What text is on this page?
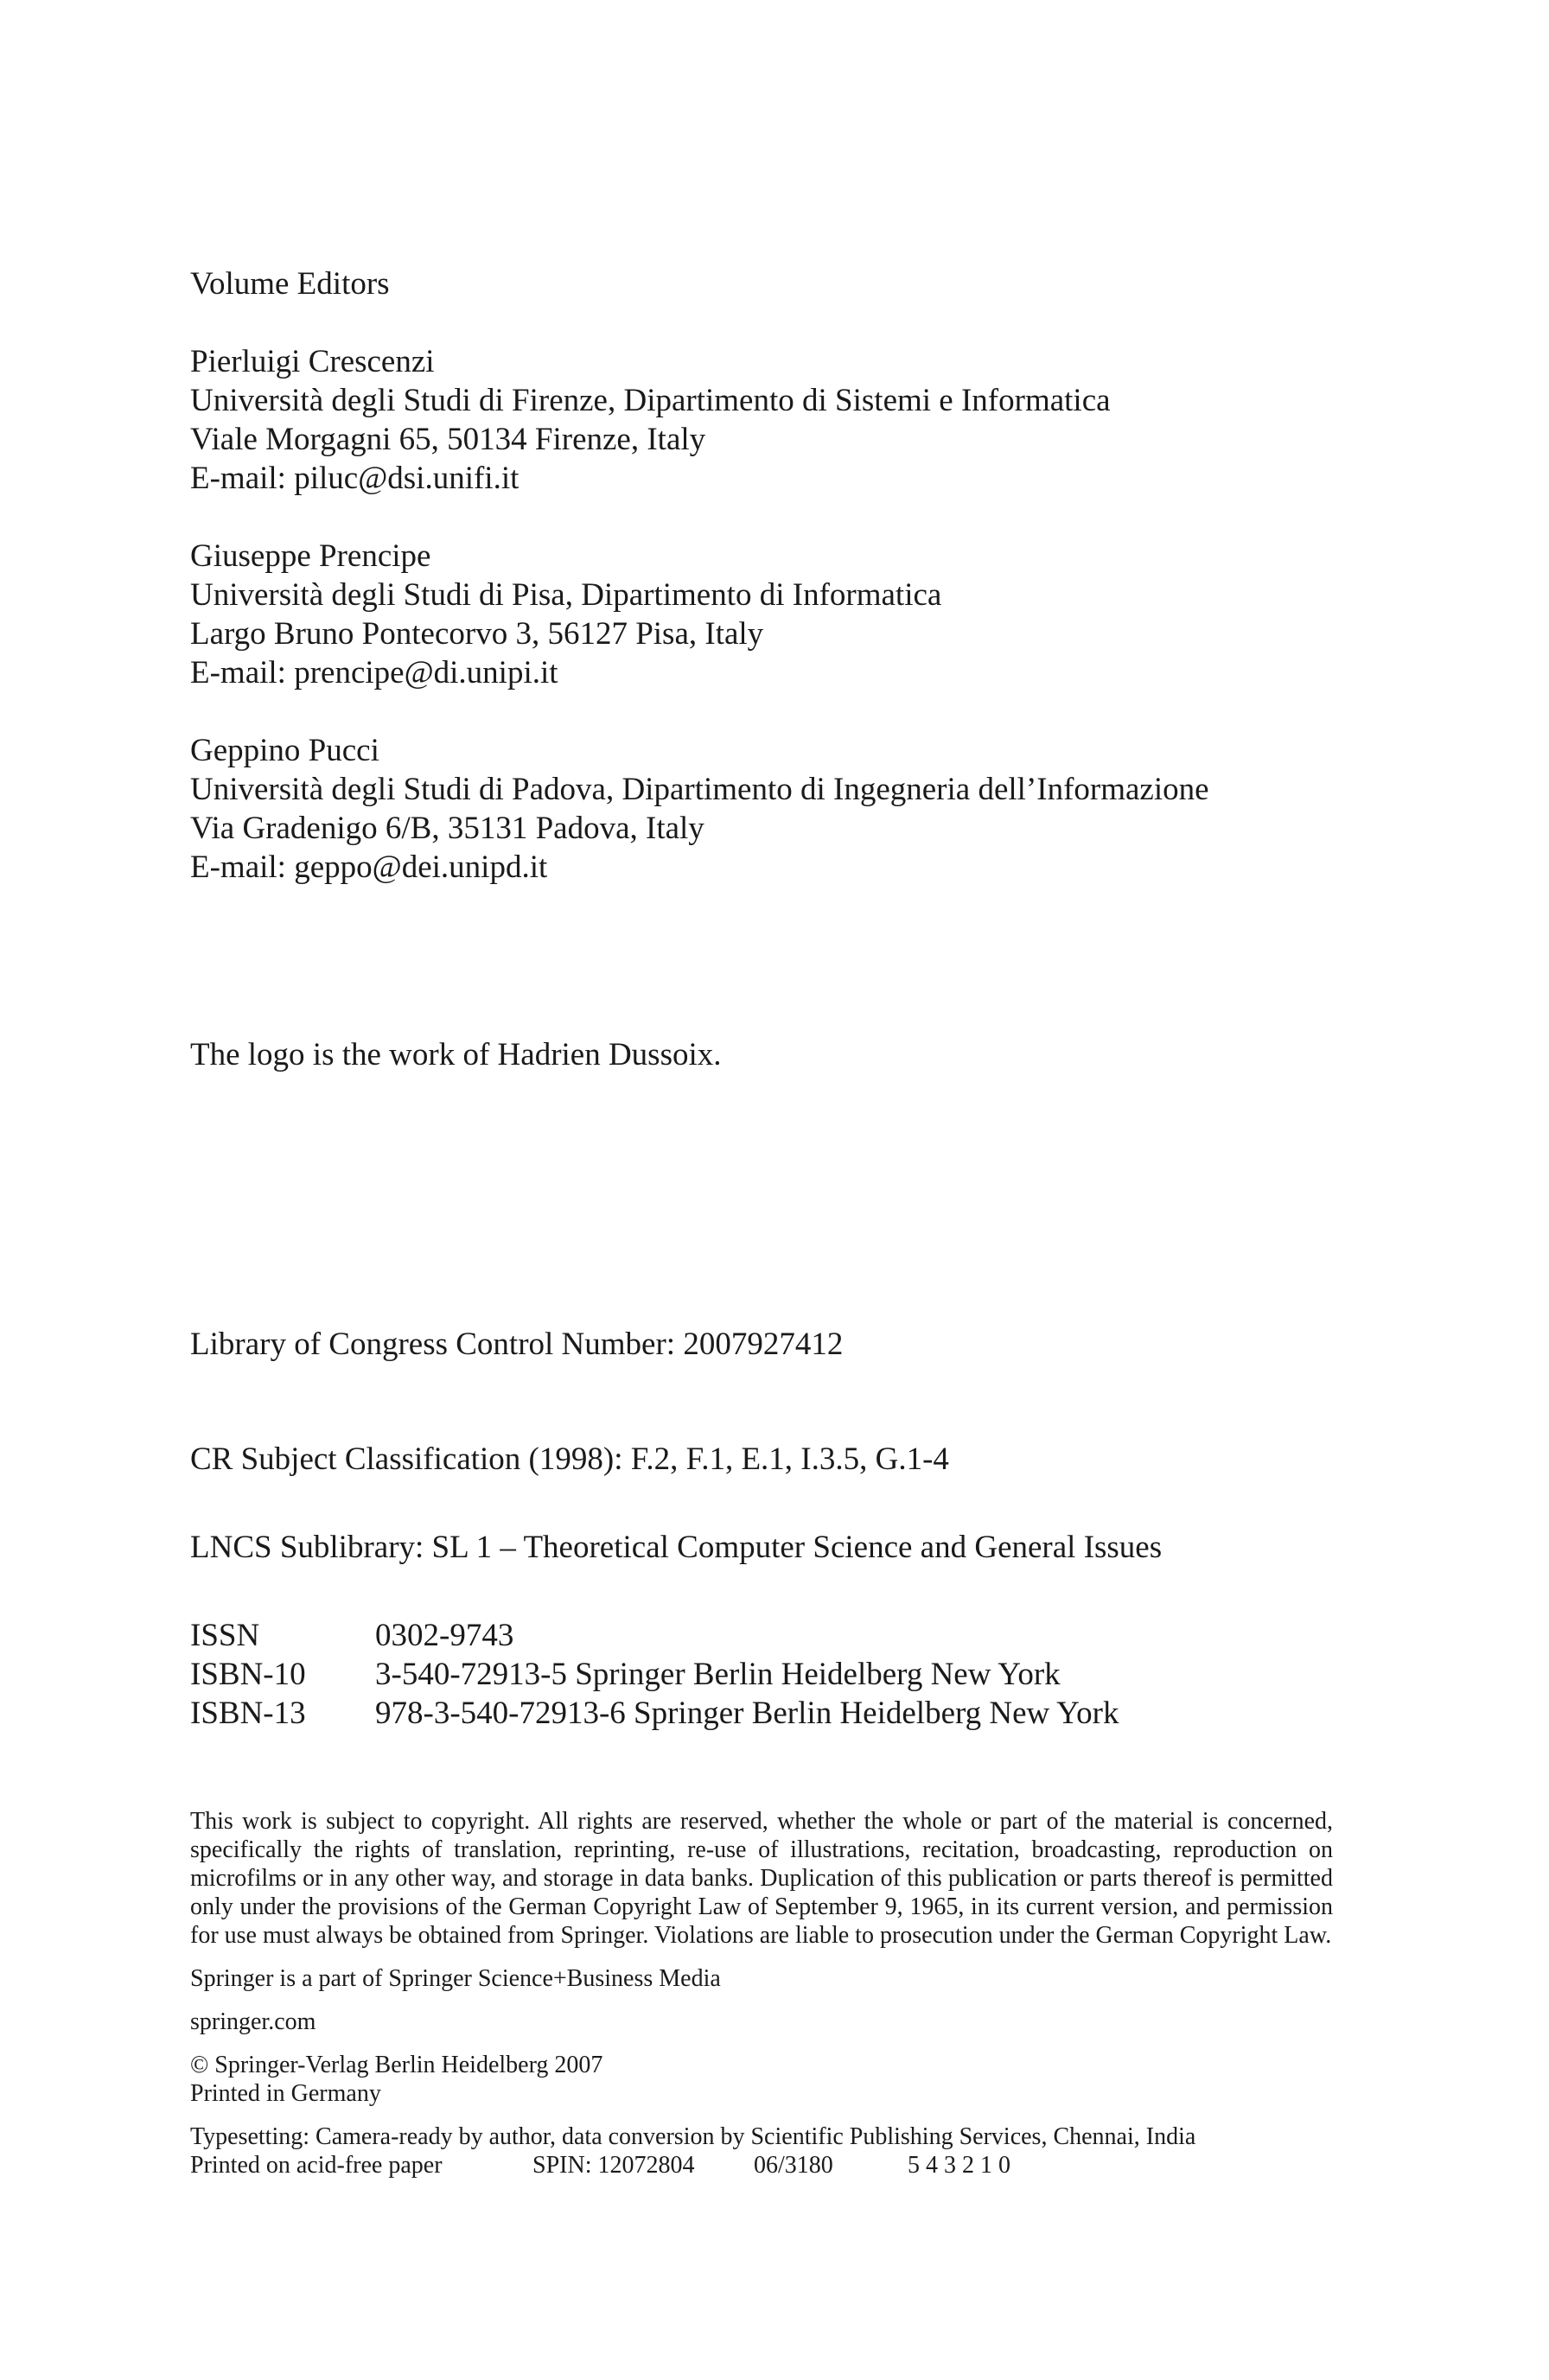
Volume Editors
Pierluigi Crescenzi
Università degli Studi di Firenze, Dipartimento di Sistemi e Informatica
Viale Morgagni 65, 50134 Firenze, Italy
E-mail: piluc@dsi.unifi.it
Giuseppe Prencipe
Università degli Studi di Pisa, Dipartimento di Informatica
Largo Bruno Pontecorvo 3, 56127 Pisa, Italy
E-mail: prencipe@di.unipi.it
Geppino Pucci
Università degli Studi di Padova, Dipartimento di Ingegneria dell’Informazione
Via Gradenigo 6/B, 35131 Padova, Italy
E-mail: geppo@dei.unipd.it
The logo is the work of Hadrien Dussoix.
Library of Congress Control Number: 2007927412
CR Subject Classification (1998): F.2, F.1, E.1, I.3.5, G.1-4
LNCS Sublibrary: SL 1 – Theoretical Computer Science and General Issues
ISSN	0302-9743
ISBN-10	3-540-72913-5 Springer Berlin Heidelberg New York
ISBN-13	978-3-540-72913-6 Springer Berlin Heidelberg New York

This work is subject to copyright. All rights are reserved, whether the whole or part of the material is concerned, specifically the rights of translation, reprinting, re-use of illustrations, recitation, broadcasting, reproduction on microfilms or in any other way, and storage in data banks. Duplication of this publication or parts thereof is permitted only under the provisions of the German Copyright Law of September 9, 1965, in its current version, and permission for use must always be obtained from Springer. Violations are liable to prosecution under the German Copyright Law.

Springer is a part of Springer Science+Business Media

springer.com

© Springer-Verlag Berlin Heidelberg 2007

Printed in Germany

Typesetting: Camera-ready by author, data conversion by Scientific Publishing Services, Chennai, India

Printed on acid-free paper	SPIN: 12072804 06/3180	5 4 3 2 1 0
